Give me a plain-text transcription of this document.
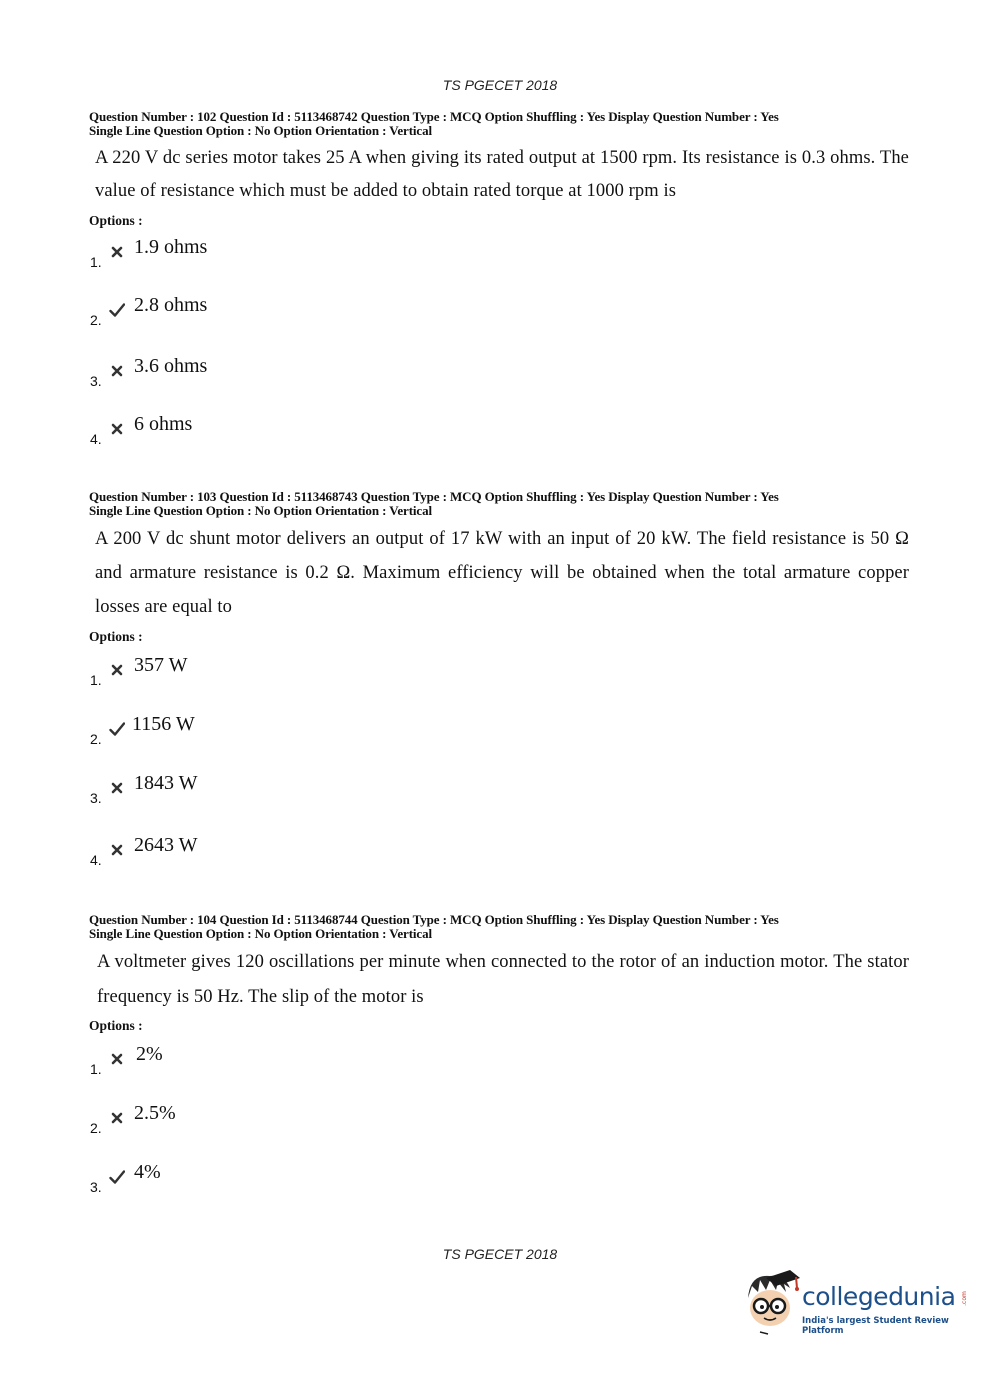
TS PGECET 2018
Question Number : 102 Question Id : 5113468742 Question Type : MCQ Option Shuffling : Yes Display Question Number : Yes
Single Line Question Option : No Option Orientation : Vertical
A 220 V dc series motor takes 25 A when giving its rated output at 1500 rpm. Its resistance is 0.3 ohms. The value of resistance which must be added to obtain rated torque at 1000 rpm is
Options :
1.
1.9 ohms
2.
2.8 ohms
3.
3.6 ohms
4.
6 ohms
Question Number : 103 Question Id : 5113468743 Question Type : MCQ Option Shuffling : Yes Display Question Number : Yes
Single Line Question Option : No Option Orientation : Vertical
A 200 V dc shunt motor delivers an output of 17 kW with an input of 20 kW. The field resistance is 50 Ω and armature resistance is 0.2 Ω. Maximum efficiency will be obtained when the total armature copper losses are equal to
Options :
1.
357 W
2.
1156 W
3.
1843 W
4.
2643 W
Question Number : 104 Question Id : 5113468744 Question Type : MCQ Option Shuffling : Yes Display Question Number : Yes
Single Line Question Option : No Option Orientation : Vertical
A voltmeter gives 120 oscillations per minute when connected to the rotor of an induction motor. The stator frequency is 50 Hz. The slip of the motor is
Options :
1.
2%
2.
2.5%
3.
4%
TS PGECET 2018
collegedunia .com
India's largest Student Review Platform
